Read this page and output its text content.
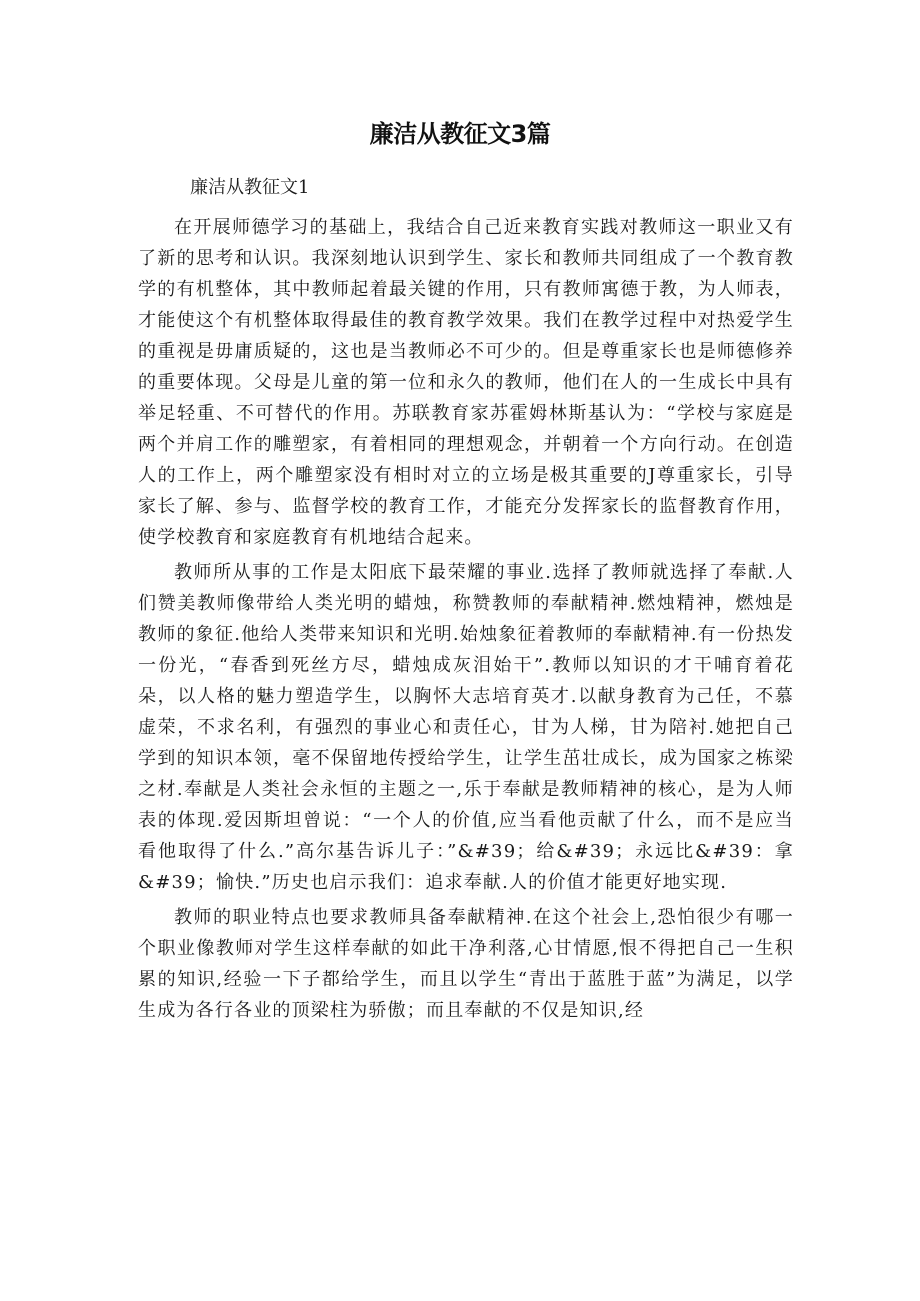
廉洁从教征文3篇

廉洁从教征文1

在开展师德学习的基础上，我结合自己近来教育实践对教师这一职业又有了新的思考和认识。我深刻地认识到学生、家长和教师共同组成了一个教育教学的有机整体，其中教师起着最关键的作用，只有教师寓德于教，为人师表，才能使这个有机整体取得最佳的教育教学效果。我们在教学过程中对热爱学生的重视是毋庸质疑的，这也是当教师必不可少的。但是尊重家长也是师德修养的重要体现。父母是儿童的第一位和永久的教师，他们在人的一生成长中具有举足轻重、不可替代的作用。苏联教育家苏霍姆林斯基认为：“学校与家庭是两个并肩工作的雕塑家，有着相同的理想观念，并朝着一个方向行动。在创造人的工作上，两个雕塑家没有相时对立的立场是极其重要的J尊重家长，引导家长了解、参与、监督学校的教育工作，才能充分发挥家长的监督教育作用，使学校教育和家庭教育有机地结合起来。

教师所从事的工作是太阳底下最荣耀的事业.选择了教师就选择了奉献.人们赞美教师像带给人类光明的蜡烛，称赞教师的奉献精神.燃烛精神，燃烛是教师的象征.他给人类带来知识和光明.始烛象征着教师的奉献精神.有一份热发一份光，“春香到死丝方尽，蜡烛成灰泪始干”.教师以知识的才干哺育着花朵，以人格的魅力塑造学生，以胸怀大志培育英才.以献身教育为己任，不慕虚荣，不求名利，有强烈的事业心和责任心，甘为人梯，甘为陪衬.她把自己学到的知识本领，毫不保留地传授给学生，让学生茁壮成长，成为国家之栋梁之材.奉献是人类社会永恒的主题之一,乐于奉献是教师精神的核心，是为人师表的体现.爱因斯坦曾说：“一个人的价值,应当看他贡献了什么，而不是应当看他取得了什么.”高尔基告诉儿子：”&#39；给&#39；永远比&#39：拿&#39；愉快.”历史也启示我们：追求奉献.人的价值才能更好地实现.

教师的职业特点也要求教师具备奉献精神.在这个社会上,恐怕很少有哪一个职业像教师对学生这样奉献的如此干净利落,心甘情愿,恨不得把自己一生积累的知识,经验一下子都给学生，而且以学生“青出于蓝胜于蓝”为满足，以学生成为各行各业的顶梁柱为骄傲；而且奉献的不仅是知识,经
